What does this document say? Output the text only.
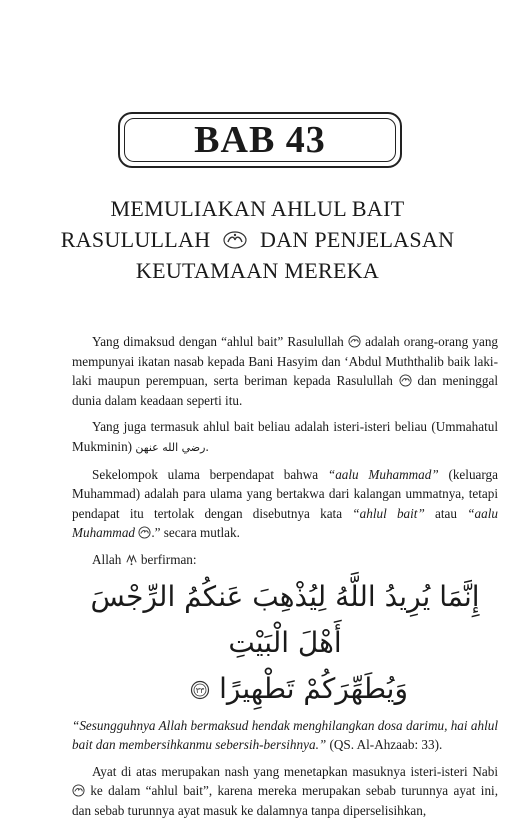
BAB 43
MEMULIAKAN AHLUL BAIT
RASULULLAH DAN PENJELASAN
KEUTAMAAN MEREKA

Yang dimaksud dengan “ahlul bait” Rasulullah adalah orang-orang yang mempunyai ikatan nasab kepada Bani Hasyim dan ‘Abdul Muththalib baik laki-laki maupun perempuan, serta beriman kepada Rasulullah dan meninggal dunia dalam keadaan seperti itu.

Yang juga termasuk ahlul bait beliau adalah isteri-isteri beliau (Ummahatul Mukminin) رضي الله عنهن.

Sekelompok ulama berpendapat bahwa “aalu Muhammad” (keluarga Muhammad) adalah para ulama yang bertakwa dari kalangan ummatnya, tetapi pendapat itu tertolak dengan disebutnya kata “ahlul bait” atau “aalu Muhammad .” secara mutlak.

Allah berfirman:

إِنَّمَا يُرِيدُ اللَّهُ لِيُذْهِبَ عَنكُمُ الرِّجْسَ أَهْلَ الْبَيْتِ
وَيُطَهِّرَكُمْ تَطْهِيرًا
٣٣

“Sesungguhnya Allah bermaksud hendak menghilangkan dosa darimu, hai ahlul bait dan membersihkanmu sebersih-bersihnya.” (QS. Al-Ahzaab: 33).

Ayat di atas merupakan nash yang menetapkan masuknya isteri-isteri Nabi  ke dalam “ahlul bait”, karena mereka merupakan sebab turunnya ayat ini, dan sebab turunnya ayat masuk ke dalamnya tanpa diperselisihkan,
